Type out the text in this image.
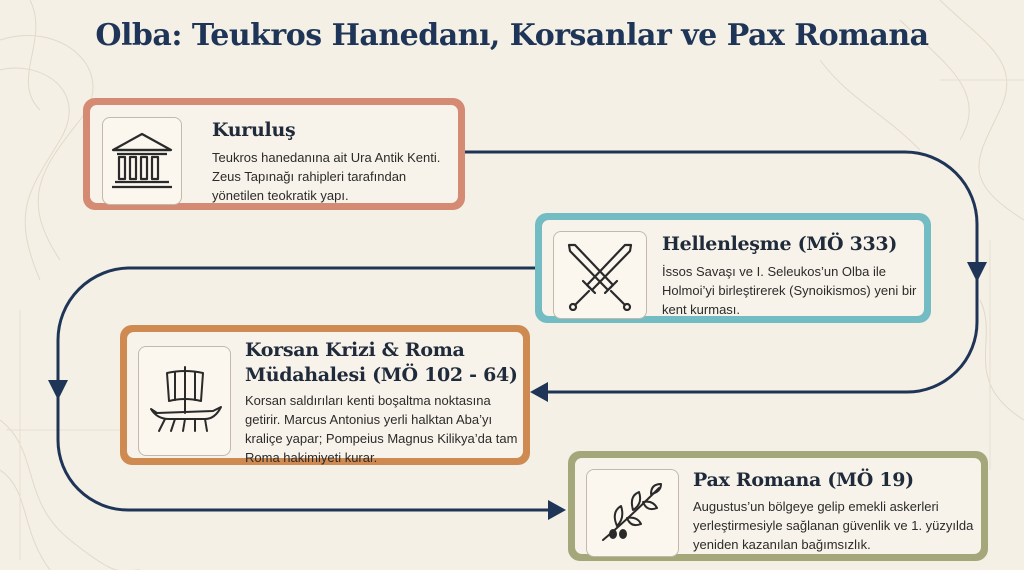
Olba: Teukros Hanedanı, Korsanlar ve Pax Romana
Kuruluş

Teukros hanedanına ait Ura Antik Kenti. Zeus Tapınağı rahipleri tarafından yönetilen teokratik yapı.

Hellenleşme (MÖ 333)

İssos Savaşı ve I. Seleukos’un Olba ile Holmoi’yi birleştirerek (Synoikismos) yeni bir kent kurması.

Korsan Krizi & Roma Müdahalesi (MÖ 102 - 64)

Korsan saldırıları kenti boşaltma noktasına getirir. Marcus Antonius yerli halktan Aba’yı kraliçe yapar; Pompeius Magnus Kilikya’da tam Roma hakimiyeti kurar.

Pax Romana (MÖ 19)

Augustus’un bölgeye gelip emekli askerleri yerleştirmesiyle sağlanan güvenlik ve 1. yüzyılda yeniden kazanılan bağımsızlık.
